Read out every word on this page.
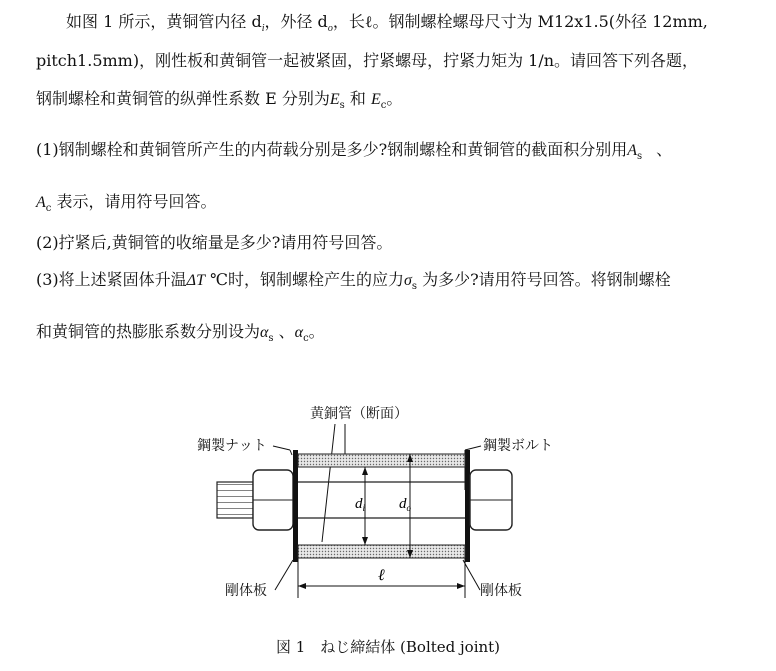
如图 1 所示，黄铜管内径 $d_i$，外径 $d_o$，长ℓ。钢制螺栓螺母尺寸为 M12x1.5(外径 12mm,
pitch1.5mm)，刚性板和黄铜管一起被紧固，拧紧螺母，拧紧力矩为 1/n。请回答下列各题，
钢制螺栓和黄铜管的纵弹性系数 E 分别为$E_s$ 和 $E_c$。
(1)钢制螺栓和黄铜管所产生的内荷载分别是多少?钢制螺栓和黄铜管的截面积分别用$A_s$ 、
$A_c$ 表示，请用符号回答。
(2)拧紧后,黄铜管的收缩量是多少?请用符号回答。
(3)将上述紧固体升温ΔT ℃时，钢制螺栓产生的应力$\sigma_s$ 为多少?请用符号回答。将钢制螺栓
和黄铜管的热膨胀系数分别设为$\alpha_s$ 、$\alpha_c$。
黄銅管（断面）
鋼製ナット	鋼製ボルト
剛体板	剛体板
$d_i$ $d_o$
ℓ
図 1　ねじ締結体 (Bolted joint)
